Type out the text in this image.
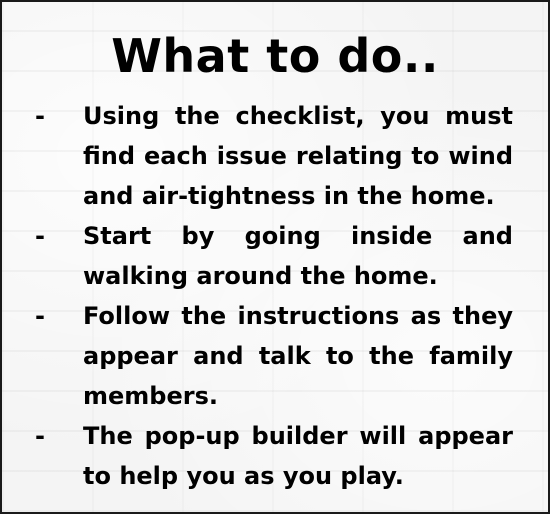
What to do..
- Using the checklist, you must find each issue relating to wind and air-tightness in the home.
- Start by going inside and walking around the home.
- Follow the instructions as they appear and talk to the family members.
- The pop-up builder will appear to help you as you play.
